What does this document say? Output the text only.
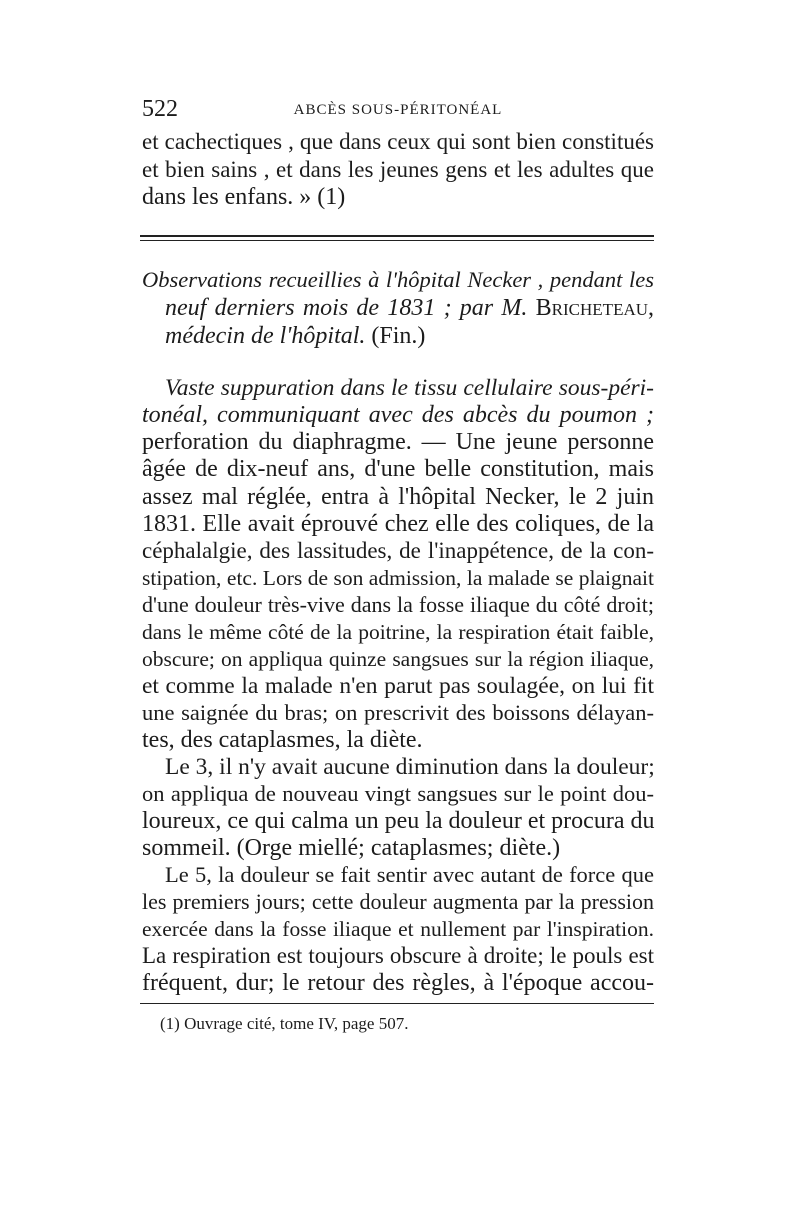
522	ABCÈS SOUS-PÉRITONÉAL
et cachectiques , que dans ceux qui sont bien constitués
et bien sains , et dans les jeunes gens et les adultes que
dans les enfans. » (1)
Observations recueillies à l'hôpital Necker , pendant les
neuf derniers mois de 1831 ; par M. Bricheteau,
médecin de l'hôpital. (Fin.)
Vaste suppuration dans le tissu cellulaire sous-péri-
tonéal, communiquant avec des abcès du poumon ;
perforation du diaphragme. — Une jeune personne
âgée de dix-neuf ans, d'une belle constitution, mais
assez mal réglée, entra à l'hôpital Necker, le 2 juin
1831. Elle avait éprouvé chez elle des coliques, de la
céphalalgie, des lassitudes, de l'inappétence, de la con-
stipation, etc. Lors de son admission, la malade se plaignait
d'une douleur très-vive dans la fosse iliaque du côté droit;
dans le même côté de la poitrine, la respiration était faible,
obscure; on appliqua quinze sangsues sur la région iliaque,
et comme la malade n'en parut pas soulagée, on lui fit
une saignée du bras; on prescrivit des boissons délayan-
tes, des cataplasmes, la diète.
Le 3, il n'y avait aucune diminution dans la douleur;
on appliqua de nouveau vingt sangsues sur le point dou-
loureux, ce qui calma un peu la douleur et procura du
sommeil. (Orge miellé; cataplasmes; diète.)
Le 5, la douleur se fait sentir avec autant de force que
les premiers jours; cette douleur augmenta par la pression
exercée dans la fosse iliaque et nullement par l'inspiration.
La respiration est toujours obscure à droite; le pouls est
fréquent, dur; le retour des règles, à l'époque accou-
(1) Ouvrage cité, tome IV, page 507.
